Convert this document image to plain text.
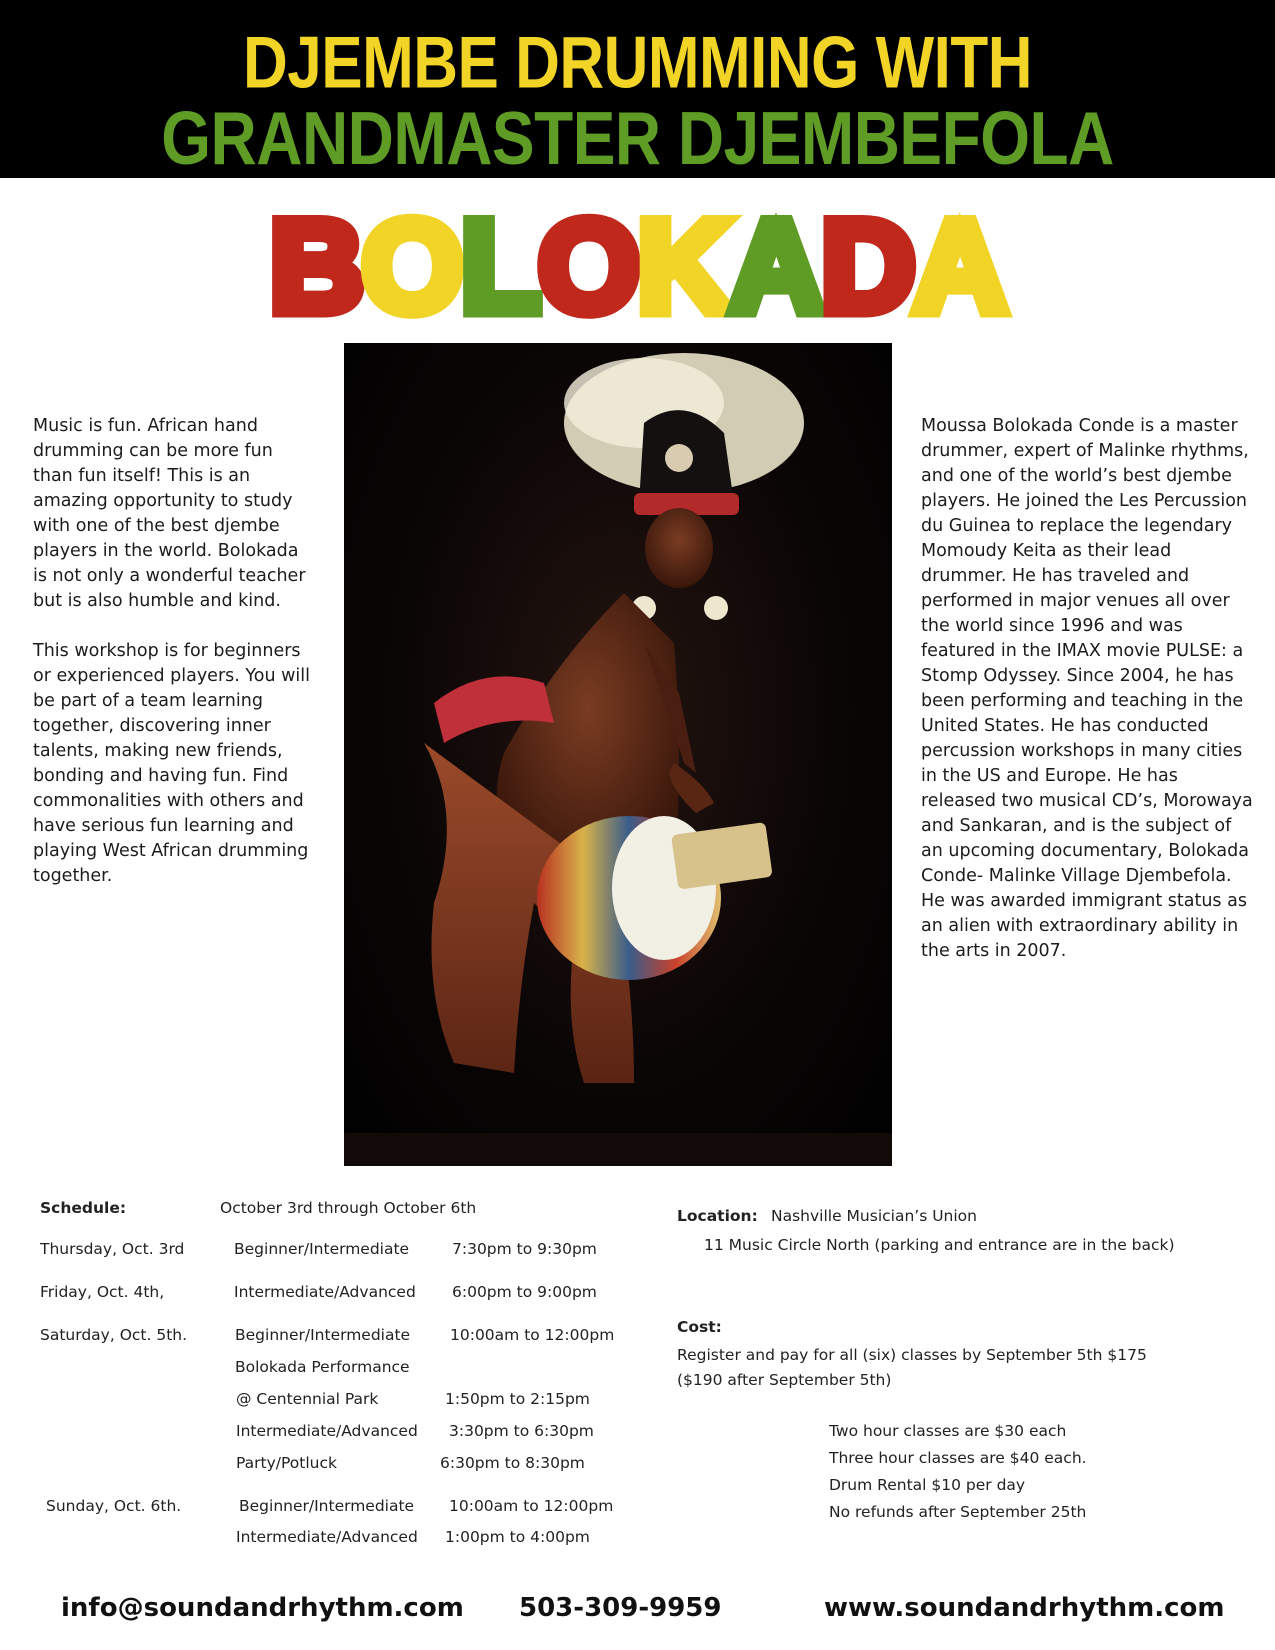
DJEMBE DRUMMING WITH
GRANDMASTER DJEMBEFOLA
BOLOKADA

Music is fun. African hand drumming can be more fun than fun itself! This is an amazing opportunity to study with one of the best djembe players in the world. Bolokada is not only a wonderful teacher but is also humble and kind.

This workshop is for beginners or experienced players. You will be part of a team learning together, discovering inner talents, making new friends, bonding and having fun. Find commonalities with others and have serious fun learning and playing West African drumming together.

Moussa Bolokada Conde is a master drummer, expert of Malinke rhythms, and one of the world’s best djembe players. He joined the Les Percussion du Guinea to replace the legendary Momoudy Keita as their lead drummer. He has traveled and performed in major venues all over the world since 1996 and was featured in the IMAX movie PULSE: a Stomp Odyssey. Since 2004, he has been performing and teaching in the United States. He has conducted percussion workshops in many cities in the US and Europe. He has released two musical CD’s, Morowaya and Sankaran, and is the subject of an upcoming documentary, Bolokada Conde- Malinke Village Djembefola. He was awarded immigrant status as an alien with extraordinary ability in the arts in 2007.

Schedule:	October 3rd through October 6th
Thursday, Oct. 3rd	Beginner/Intermediate	7:30pm to 9:30pm
Friday, Oct. 4th,	Intermediate/Advanced 6:00pm to 9:00pm
Saturday, Oct. 5th.	Beginner/Intermediate	10:00am to 12:00pm
Bolokada Performance
@ Centennial Park	1:50pm to 2:15pm
Intermediate/Advanced 3:30pm to 6:30pm
Party/Potluck	6:30pm to 8:30pm
Sunday, Oct. 6th.	Beginner/Intermediate 10:00am to 12:00pm
Intermediate/Advanced 1:00pm to 4:00pm
Location: Nashville Musician’s Union
11 Music Circle North (parking and entrance are in the back)
Cost:
Register and pay for all (six) classes by September 5th $175 ($190 after September 5th)
Two hour classes are $30 each
Three hour classes are $40 each.
Drum Rental $10 per day
No refunds after September 25th
info@soundandrhythm.com 503-309-9959	www.soundandrhythm.com
